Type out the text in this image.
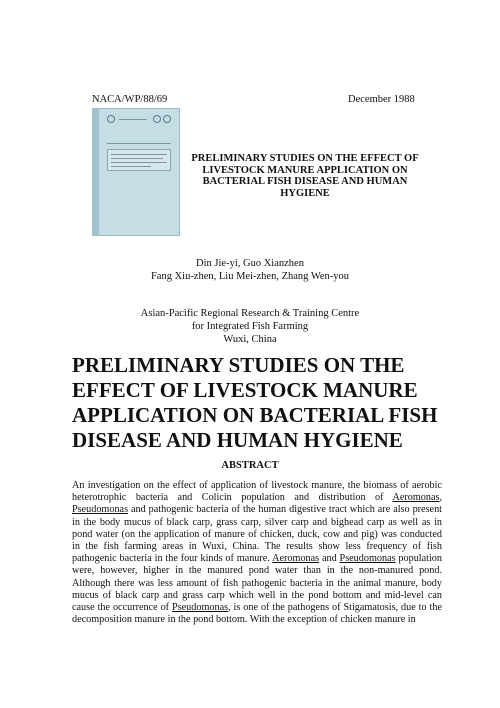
NACA/WP/88/69	December 1988
PRELIMINARY STUDIES ON THE EFFECT OF
LIVESTOCK MANURE APPLICATION ON
BACTERIAL FISH DISEASE AND HUMAN
HYGIENE
Din Jie-yi, Guo Xianzhen
Fang Xiu-zhen, Liu Mei-zhen, Zhang Wen-you
Asian-Pacific Regional Research & Training Centre
for Integrated Fish Farming
Wuxi, China
PRELIMINARY STUDIES ON THE
EFFECT OF LIVESTOCK MANURE
APPLICATION ON BACTERIAL FISH
DISEASE AND HUMAN HYGIENE
ABSTRACT
An investigation on the effect of application of livestock manure, the biomass of aerobic heterotrophic bacteria and Colicin population and distribution of Aeromonas, Pseudomonas and pathogenic bacteria of the human digestive tract which are also present in the body mucus of black carp, grass carp, silver carp and bighead carp as well as in pond water (on the application of manure of chicken, duck, cow and pig) was conducted in the fish farming areas in Wuxi, China. The results show less frequency of fish pathogenic bacteria in the four kinds of manure. Aeromonas and Pseudomonas population were, however, higher in the manured pond water than in the non-manured pond. Although there was less amount of fish pathogenic bacteria in the animal manure, body mucus of black carp and grass carp which well in the pond bottom and mid-level can cause the occurrence of Pseudomonas, is one of the pathogens of Stigamatosis, due to the decomposition manure in the pond bottom. With the exception of chicken manure in
